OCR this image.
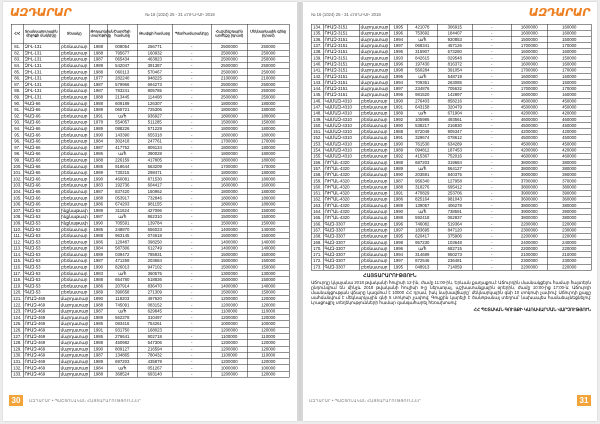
ԱԶԴԱՐԱՐ	№ 16 (1024) 25 - 31 ՀՈՒՆԻՍԻ 2018
Հ/Հ	Տրանսպորտային միջոցի մակնիշը	Տեսակը	Թողարկման տարեթիվը	Շարժիչի համարը	Թափքի համարը	Պետհամարանիշը	Հաշվեկշռային արժեքը (դրամ)	Մեկնարկային գինը (դրամ)
81.	ԶԻԼ-131	բեռնատար	1988	008054	256771	-	2500000	250000
82.	ԶԻԼ-131	բեռնատար	1988	795677	160932	-	2500000	250000
83.	ԶԻԼ-131	բեռնատար	1987	065434	463823	-	2500000	250000
84.	ԶԻԼ-131	բեռնատար	1989	542047	391387	-	2500000	250000
85.	ԶԻԼ-131	բեռնատար	1988	060113	570467	-	2500000	250000
86.	ԶԻԼ-131	բեռնատար	1977	282240	948225	-	2100000	210000
87.	ԶԻԼ-131	բեռնատար	1987	579966	694273	-	2500000	250000
88.	ԶԻԼ-131	բեռնատար	1987	783241	805785	-	2500000	250000
89.	ԶԻԼ-131	բեռնատար	1988	213445	114408	-	2500000	250000
90.	ԳԱԶ-66	բեռնատար	1988	609189	126307	-	1800000	180000
91.	ԳԱԶ-66	բեռնատար	1989	065721	725306	-	1800000	180000
92.	ԳԱԶ-66	բեռնատար	1991	ա/հ	936927	-	1800000	180000
93.	ԳԱԶ-66	բեռնատար	1978	554057	511285	-	1500000	150000
94.	ԳԱԶ-66	բեռնատար	1989	088226	571229	-	1800000	180000
95.	ԳԱԶ-66	բեռնատար	1990	143390	655318	-	1800000	180000
96.	ԳԱԶ-66	բեռնատար	1984	302418	247761	-	1700000	170000
97.	ԳԱԶ-66	բեռնատար	1987	417752	809134	-	1800000	180000
98.	ԳԱԶ-66	բեռնատար	1986	ա/հ	390028	-	1800000	180000
99.	ԳԱԶ-66	բեռնատար	1988	226159	417805	-	1800000	180000
100.	ԳԱԶ-66	բեռնատար	1985	918644	563209	-	1700000	170000
101.	ԳԱԶ-66	բեռնատար	1989	730215	298471	-	1800000	180000
102.	ԳԱԶ-66	բեռնատար	1990	460081	871530	-	1800000	180000
103.	ԳԱԶ-66	բեռնատար	1983	192736	604417	-	1600000	160000
104.	ԳԱԶ-66	բեռնատար	1987	837420	150962	-	1800000	180000
105.	ԳԱԶ-66	բեռնատար	1988	053917	732846	-	1800000	180000
106.	ԳԱԶ-66	բեռնատար	1986	674203	981155	-	1800000	180000
107.	ԳԱԶ-53	ինքնաթափ	1989	311624	427096	-	1500000	150000
108.	ԳԱԶ-53	ինքնաթափ	1987	ա/հ	862310	-	1500000	150000
109.	ԳԱԶ-53	ինքնաթափ	1990	705591	139784	-	1500000	150000
110.	ԳԱԶ-53	բեռնատար	1985	248870	556023	-	1400000	140000
111.	ԳԱԶ-53	բեռնատար	1988	963145	074618	-	1500000	150000
112.	ԳԱԶ-53	բեռնատար	1986	120487	398250	-	1400000	140000
113.	ԳԱԶ-53	բեռնատար	1984	587306	612749	-	1400000	140000
114.	ԳԱԶ-53	բեռնատար	1989	039472	785931	-	1500000	150000
115.	ԳԱԶ-53	բեռնատար	1987	471259	203684	-	1500000	150000
116.	ԳԱԶ-53	բեռնատար	1990	826013	947102	-	1500000	150000
117.	ԳԱԶ-53	բեռնատար	1983	ա/հ	360575	-	1300000	130000
118.	ԳԱԶ-53	բեռնատար	1988	654780	518836	-	1500000	150000
119.	ԳԱԶ-53	բեռնատար	1986	207914	836470	-	1400000	140000
120.	ԳԱԶ-53	բեռնատար	1989	390658	271309	-	1500000	150000
121.	ՈՒԱԶ-469	մարդատար	1990	118203	497620	-	1200000	120000
122.	ՈՒԱԶ-469	մարդատար	1988	745091	083152	-	1200000	120000
123.	ՈՒԱԶ-469	մարդատար	1987	ա/հ	629845	-	1100000	110000
124.	ՈՒԱԶ-469	մարդատար	1989	562378	310497	-	1200000	120000
125.	ՈՒԱԶ-469	մարդատար	1985	083416	754261	-	1000000	100000
126.	ՈՒԱԶ-469	մարդատար	1991	931750	168023	-	1200000	120000
127.	ՈՒԱԶ-469	մարդատար	1986	276641	902718	-	1100000	110000
128.	ՈՒԱԶ-469	մարդատար	1988	450982	547306	-	1200000	120000
129.	ՈՒԱԶ-469	մարդատար	1990	809127	216594	-	1200000	120000
130.	ՈՒԱԶ-469	մարդատար	1987	134865	780432	-	1100000	110000
131.	ՈՒԱԶ-469	մարդատար	1989	697203	435879	-	1200000	120000
132.	ՈՒԱԶ-469	մարդատար	1984	ա/հ	051267	-	1000000	100000
133.	ՈՒԱԶ-469	մարդատար	1988	368524	693140	-	1200000	120000
30	ԱԶԴԱՐԱՐ • ՊԱՇՏՈՆԱԿԱՆ ՀԱՅՏԱՐԱՐՈՒԹՅՈՒՆՆԵՐ
№ 16 (1024) 25 - 31 ՀՈՒՆԻՍԻ 2018	ԱԶԴԱՐԱՐ
134.	ՈՒԱԶ-3151	մարդատար	1995	421078	306915	-	1600000	160000
135.	ՈՒԱԶ-3151	մարդատար	1996	753692	184407	-	1600000	160000
136.	ՈՒԱԶ-3151	մարդատար	1994	ա/հ	920853	-	1500000	150000
137.	ՈՒԱԶ-3151	մարդատար	1997	068341	457126	-	1700000	170000
138.	ՈՒԱԶ-3151	մարդատար	1995	315907	673280	-	1600000	160000
139.	ՈՒԱԶ-3151	մարդատար	1993	842615	029548	-	1500000	150000
140.	ՈՒԱԶ-3151	մարդատար	1996	197430	816372	-	1600000	160000
141.	ՈՒԱԶ-3151	մարդատար	1998	560284	391054	-	1700000	170000
142.	ՈՒԱԶ-3151	մարդատար	1995	ա/հ	548719	-	1600000	160000
143.	ՈՒԱԶ-3151	մարդատար	1994	709351	263085	-	1500000	150000
144.	ՈՒԱԶ-3151	մարդատար	1997	234876	705632	-	1700000	170000
145.	ՈՒԱԶ-3151	մարդատար	1996	981520	142897	-	1600000	160000
146.	ԿԱՄԱԶ-4310	բեռնատար	1990	276403	858216	-	4500000	450000
147.	ԿԱՄԱԶ-4310	բեռնատար	1991	643158	320479	-	4500000	450000
148.	ԿԱՄԱԶ-4310	բեռնատար	1989	ա/հ	671904	-	4200000	420000
149.	ԿԱՄԱԶ-4310	բեռնատար	1992	105986	493561	-	4600000	460000
150.	ԿԱՄԱԶ-4310	բեռնատար	1990	538217	216830	-	4500000	450000
151.	ԿԱՄԱԶ-4310	բեռնատար	1988	872049	905347	-	4200000	420000
152.	ԿԱՄԱԶ-4310	բեռնատար	1991	329674	078612	-	4500000	450000
153.	ԿԱՄԱԶ-4310	բեռնատար	1990	761530	634289	-	4500000	450000
154.	ԿԱՄԱԶ-4310	բեռնատար	1989	094812	187453	-	4200000	420000
155.	ԿԱՄԱԶ-4310	բեռնատար	1992	415367	752016	-	4600000	460000
156.	ՈՒՐԱԼ-4320	բեռնատար	1988	687203	319684	-	3800000	380000
157.	ՈՒՐԱԼ-4320	բեռնատար	1989	ա/հ	564127	-	3800000	380000
158.	ՈՒՐԱԼ-4320	բեռնատար	1990	203591	840375	-	3900000	390000
159.	ՈՒՐԱԼ-4320	բեռնատար	1987	956340	127958	-	3700000	370000
160.	ՈՒՐԱԼ-4320	բեռնատար	1988	318276	695412	-	3800000	380000
161.	ՈՒՐԱԼ-4320	բեռնատար	1991	470829	253706	-	3900000	390000
162.	ՈՒՐԱԼ-4320	բեռնատար	1986	825164	981043	-	3600000	360000
163.	ՈՒՐԱԼ-4320	բեռնատար	1989	139057	406278	-	3800000	380000
164.	ՈՒՐԱԼ-4320	բեռնատար	1990	ա/հ	738591	-	3900000	390000
165.	ՈՒՐԱԼ-4320	բեռնատար	1988	592418	062837	-	3800000	380000
166.	ԳԱԶ-3307	բեռնատար	1996	746082	519364	-	2200000	220000
167.	ԳԱԶ-3307	բեռնատար	1997	183695	847120	-	2300000	230000
168.	ԳԱԶ-3307	բեռնատար	1995	620417	375906	-	2200000	220000
169.	ԳԱԶ-3307	բեռնատար	1998	957230	103648	-	2400000	240000
170.	ԳԱԶ-3307	բեռնատար	1996	ա/հ	682715	-	2200000	220000
171.	ԳԱԶ-3307	բեռնատար	1994	314689	950273	-	2100000	210000
172.	ԳԱԶ-3307	բեռնատար	1997	872546	236481	-	2300000	230000
173.	ԳԱԶ-3307	բեռնատար	1995	048913	714059	-	2200000	220000
ՀԱՅՏԱՐԱՐՈՒԹՅՈՒՆ
Աճուրդը կկայանա 2018 թվականի հուլիսի 12-ին, ժամը 11:00-ին, Երևան քաղաքում: Աճուրդին մասնակցելու համար հայտերն ընդունվում են մինչև 2018 թվականի հուլիսի 9-ը ներառյալ, աշխատանքային օրերին, ժամը 10:00-ից 17:00-ն: Աճուրդի մասնակցության վճարը կազմում է 10000 ՀՀ դրամ, իսկ նախավճարը՝ մեկնարկային գնի 10 տոկոսի չափով: Աճուրդի քայլը սահմանվում է մեկնարկային գնի 5 տոկոսի չափով: Գույքին կարելի է ծանոթանալ տեղում՝ նախապես համաձայնեցնելով: Լրացուցիչ տեղեկությունների համար զանգահարել հեռախոսով:
ՀՀ ՊԵՏԱԿԱՆ ԳՈՒՅՔԻ ԿԱՌԱՎԱՐՄԱՆ ՎԱՐՉՈՒԹՅՈՒՆ
ԱԶԴԱՐԱՐ • ՊԱՇՏՈՆԱԿԱՆ ՀԱՅՏԱՐԱՐՈՒԹՅՈՒՆՆԵՐ	31
